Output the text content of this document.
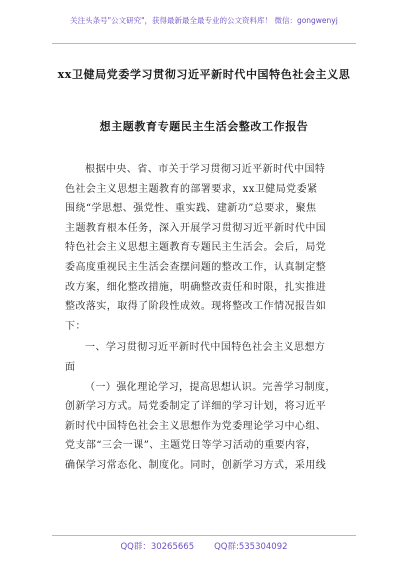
关注头条号"公文研究"，获得最新最全最专业的公文资料库！ 微信：gongwenyj
xx卫健局党委学习贯彻习近平新时代中国特色社会主义思
想主题教育专题民主生活会整改工作报告

根据中央、省、市关于学习贯彻习近平新时代中国特

色社会主义思想主题教育的部署要求，xx卫健局党委紧

围绕“学思想、强党性、重实践、建新功”总要求，聚焦

主题教育根本任务，深入开展学习贯彻习近平新时代中国

特色社会主义思想主题教育专题民主生活会。会后，局党

委高度重视民主生活会查摆问题的整改工作，认真制定整

改方案，细化整改措施，明确整改责任和时限，扎实推进

整改落实，取得了阶段性成效。现将整改工作情况报告如

下：

一、学习贯彻习近平新时代中国特色社会主义思想方

面

（一）强化理论学习，提高思想认识。完善学习制度，

创新学习方式。局党委制定了详细的学习计划，将习近平

新时代中国特色社会主义思想作为党委理论学习中心组、

党支部“三会一课”、主题党日等学习活动的重要内容，

确保学习常态化、制度化。同时，创新学习方式，采用线

QQ群：30265665 QQ群:535304092
